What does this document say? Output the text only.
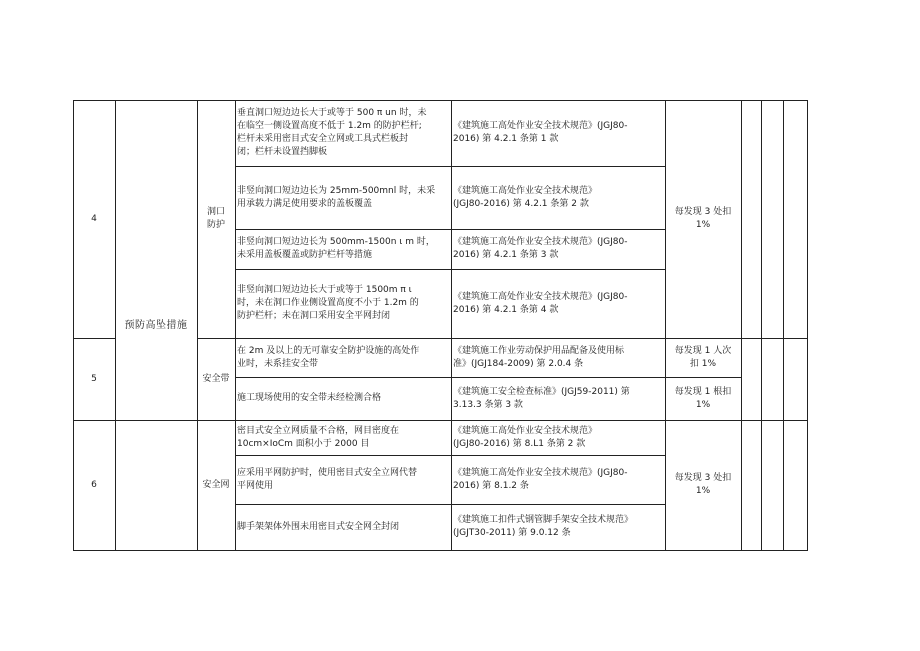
4
5
6
预防高坠措施
洞口
防护
安全带
安全网
垂直洞口短边边长大于或等于 500 π un 时，未
在临空一侧设置高度不低于 1.2m 的防护栏杆;
栏杆未采用密目式安全立网或工具式栏板封
闭；栏杆未设置挡脚板
非竖向洞口短边边长为 25mm-500mnl 时，未采
用承载力满足使用要求的盖板覆盖
非竖向洞口短边边长为 500mm-1500n ι m 时，
未采用盖板覆盖或防护栏杆等措施
非竖向洞口短边边长大于或等于 1500m π ι
时，未在洞口作业侧设置高度不小于 1.2m 的
防护栏杆；未在洞口采用安全平网封闭
在 2m 及以上的无可靠安全防护设施的高处作
业时，未系挂安全带
施工现场使用的安全带未经检测合格
密目式安全立网质量不合格，网目密度在
10cm×IoCm 面积小于 2000 目
应采用平网防护时，使用密目式安全立网代替
平网使用
脚手架架体外围未用密目式安全网全封闭
《建筑施工高处作业安全技术规范》(JGJ80-
2016) 第 4.2.1 条第 1 款
《建筑施工高处作业安全技术规范》
(JGJ80-2016) 第 4.2.1 条第 2 款
《建筑施工高处作业安全技术规范》(JGJ80-
2016) 第 4.2.1 条第 3 款
《建筑施工高处作业安全技术规范》(JGJ80-
2016) 第 4.2.1 条第 4 款
《建筑施工作业劳动保护用品配备及使用标
准》(JGJ184-2009) 第 2.0.4 条
《建筑施工安全检查标准》(JGJ59-2011) 第
3.13.3 条第 3 款
《建筑施工高处作业安全技术规范》
(JGJ80-2016) 第 8.L1 条第 2 款
《建筑施工高处作业安全技术规范》(JGJ80-
2016) 第 8.1.2 条
《建筑施工扣件式钢管脚手架安全技术规范》
(JGJT30-2011) 第 9.0.12 条
每发现 3 处扣
1%
每发现 1 人次
扣 1%
每发现 1 根扣
1%
每发现 3 处扣
1%
